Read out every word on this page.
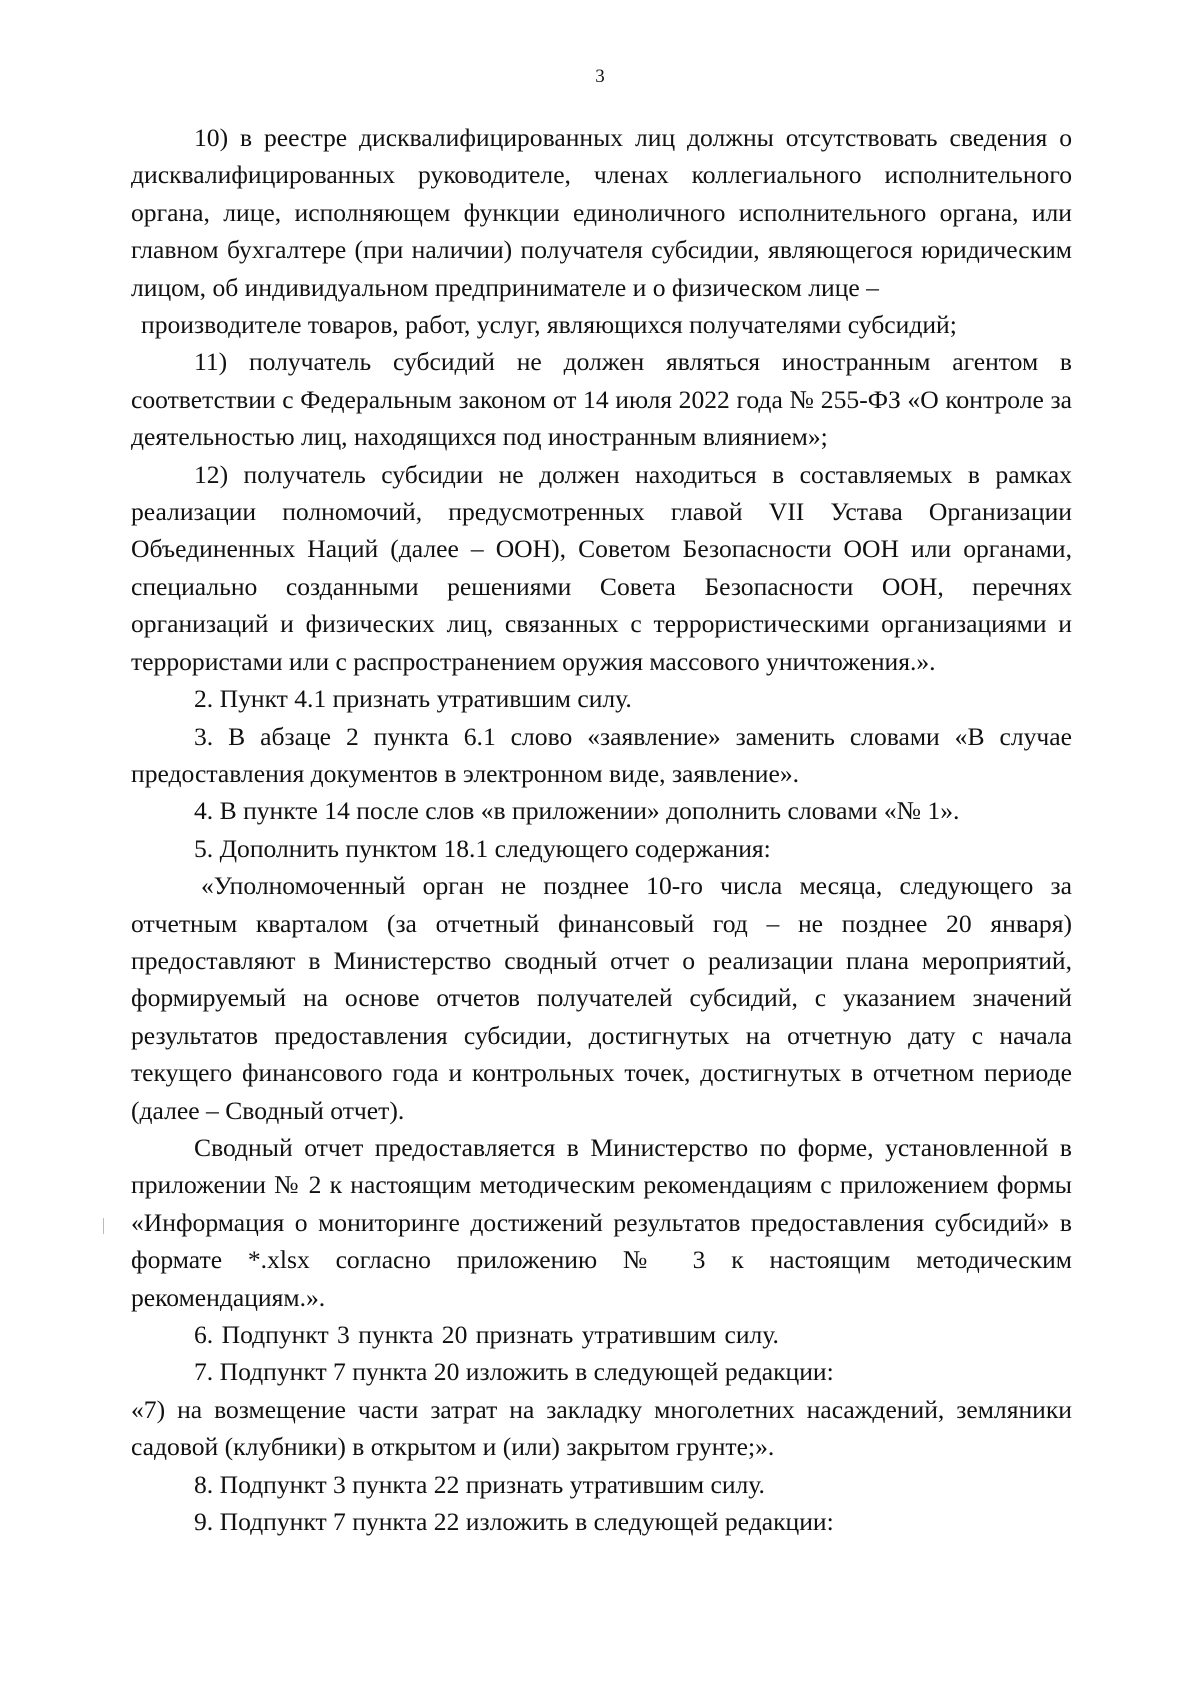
3

10) в реестре дисквалифицированных лиц должны отсутствовать сведения о дисквалифицированных руководителе, членах коллегиального исполнительного органа, лице, исполняющем функции единоличного исполнительного органа, или главном бухгалтере (при наличии) получателя субсидии, являющегося юридическим лицом, об индивидуальном предпринимателе и о физическом лице –

производителе товаров, работ, услуг, являющихся получателями субсидий;

11) получатель субсидий не должен являться иностранным агентом в соответствии с Федеральным законом от 14 июля 2022 года № 255-ФЗ «О контроле за деятельностью лиц, находящихся под иностранным влиянием»;

12) получатель субсидии не должен находиться в составляемых в рамках реализации полномочий, предусмотренных главой VII Устава Организации Объединенных Наций (далее – ООН), Советом Безопасности ООН или органами, специально созданными решениями Совета Безопасности ООН, перечнях организаций и физических лиц, связанных с террористическими организациями и террористами или с распространением оружия массового уничтожения.».

2. Пункт 4.1 признать утратившим силу.

3. В абзаце 2 пункта 6.1 слово «заявление» заменить словами «В случае предоставления документов в электронном виде, заявление».

4. В пункте 14 после слов «в приложении» дополнить словами «№ 1».

5. Дополнить пунктом 18.1 следующего содержания:

«Уполномоченный орган не позднее 10-го числа месяца, следующего за отчетным кварталом (за отчетный финансовый год – не позднее 20 января) предоставляют в Министерство сводный отчет о реализации плана мероприятий, формируемый на основе отчетов получателей субсидий, с указанием значений результатов предоставления субсидии, достигнутых на отчетную дату с начала текущего финансового года и контрольных точек, достигнутых в отчетном периоде (далее – Сводный отчет).

Сводный отчет предоставляется в Министерство по форме, установленной в приложении № 2 к настоящим методическим рекомендациям с приложением формы «Информация о мониторинге достижений результатов предоставления субсидий» в формате *.xlsx согласно приложению № 3 к настоящим методическим рекомендациям.».

6. Подпункт 3 пункта 20 признать утратившим силу.

7. Подпункт 7 пункта 20 изложить в следующей редакции:

«7) на возмещение части затрат на закладку многолетних насаждений, земляники садовой (клубники) в открытом и (или) закрытом грунте;».

8. Подпункт 3 пункта 22 признать утратившим силу.

9. Подпункт 7 пункта 22 изложить в следующей редакции:
